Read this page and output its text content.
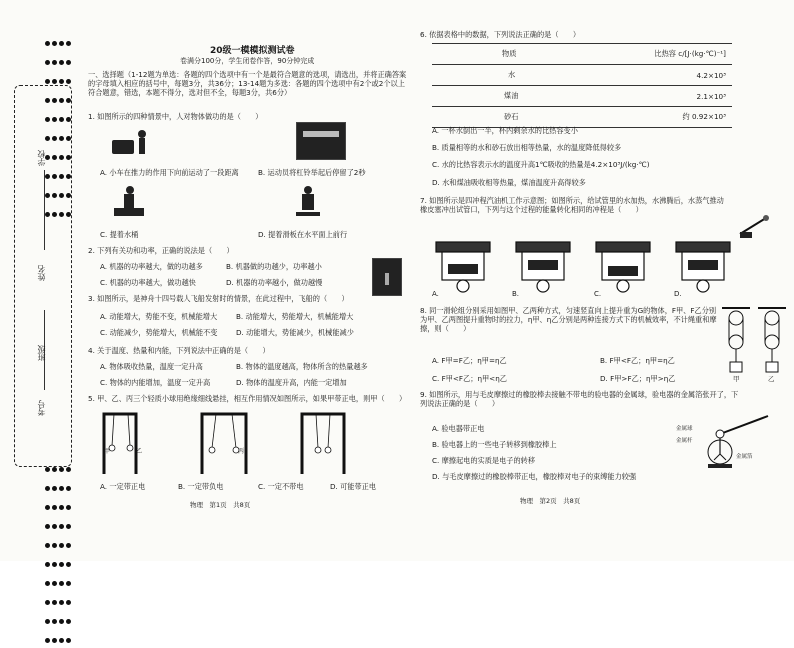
考号
班级
姓名
学校
20级一模模拟测试卷
卷满分100分，学生闭卷作答，90分钟完成
一、选择题（1-12题为单选：各题的四个选项中有一个是最符合题意的选项，请选出，并将正确答案的字母填入相应的括号中，每题3分，共36分；13-14题为多选：各题的四个选项中有2个或2个以上符合题意，错选，本题不得分，选对但不全，每题3分，共6分）
1. 如图所示的四种情景中，人对物体做功的是（　　）
A. 小车在推力的作用下向前运动了一段距离	B. 运动员将杠铃举起后停留了2秒
C. 提着水桶	D. 提着滑板在水平面上前行
2. 下列有关功和功率，正确的说法是（　　）
A. 机器的功率越大，做的功越多	B. 机器做的功越少，功率越小
C. 机器的功率越大，做功越快	D. 机器的功率越小，做功越慢
3. 如图所示，是神舟十四号载人飞船发射时的情景，在此过程中，飞船的（　　）
A. 动能增大，势能不变，机械能增大	B. 动能增大，势能增大，机械能增大
C. 动能减少，势能增大，机械能不变	D. 动能增大，势能减少，机械能减少
4. 关于温度、热量和内能，下列说法中正确的是（　　）
A. 物体吸收热量，温度一定升高	B. 物体的温度越高，物体所含的热量越多
C. 物体的内能增加，温度一定升高	D. 物体的温度升高，内能一定增加
5. 甲、乙、丙三个轻质小球用绝缘细线悬挂，相互作用情况如图所示，如果甲带正电，则甲（　　）
甲	乙	丙
A. 一定带正电	B. 一定带负电	C. 一定不带电	D. 可能带正电
物理　第1页　共8页
6. 依据表格中的数据，下列说法正确的是（　　）
物质	比热容 c/[J·(kg·℃)⁻¹]
水	4.2×10³
煤油	2.1×10³
砂石	约 0.92×10³
A. 一杯水倒出一半，杯内剩余水的比热容变小
B. 质量相等的水和砂石放出相等热量，水的温度降低得较多
C. 水的比热容表示水的温度升高1℃吸收的热量是4.2×10³J/(kg·℃)
D. 水和煤油吸收相等热量，煤油温度升高得较多
7. 如图所示是四冲程汽油机工作示意图；如图所示，给试管里的水加热，水沸腾后，水蒸气推动橡皮塞冲出试管口，下列与这个过程的能量转化相同的冲程是（　　）
A.	B.	C.	D.
8. 同一滑轮组分别采用如图甲、乙两种方式，匀速竖直向上提升重为G的物体，F甲、F乙分别为甲、乙两图提升重物时的拉力，η甲、η乙分别是两种连接方式下的机械效率，不计绳重和摩擦，则（　　）
甲	乙
A. F甲=F乙；η甲=η乙	B. F甲<F乙；η甲=η乙
C. F甲<F乙；η甲<η乙	D. F甲>F乙；η甲>η乙
9. 如图所示，用与毛皮摩擦过的橡胶棒去接触不带电的验电器的金属球，验电器的金属箔张开了，下列说法正确的是（　　）
金属球
金属杆
金属箔
A. 验电器带正电
B. 验电器上的一些电子转移到橡胶棒上
C. 摩擦起电的实质是电子的转移
D. 与毛皮摩擦过的橡胶棒带正电，橡胶棒对电子的束缚能力较强
物理　第2页　共8页
